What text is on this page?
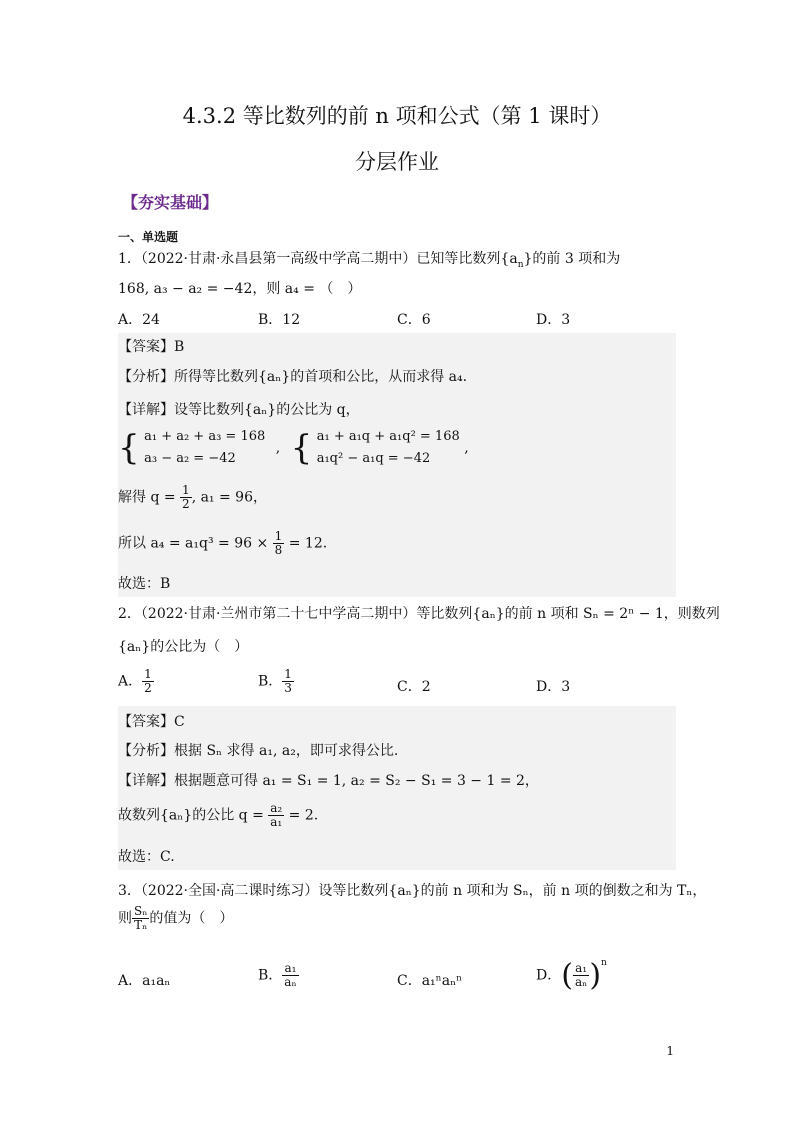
4.3.2 等比数列的前 n 项和公式（第 1 课时）
分层作业
【夯实基础】
一、单选题
1．（2022·甘肃·永昌县第一高级中学高二期中）已知等比数列$\{a_n\}$的前 3 项和为
168, a₃ − a₂ = −42，则 a₄ = （　）
A．24	B．12	C．6	D．3
【答案】B
【分析】所得等比数列{aₙ}的首项和公比，从而求得 a₄.
【详解】设等比数列{aₙ}的公比为 q，
{ a₁ + a₂ + a₃ = 168
a₃ − a₂ = −42
, { a₁ + a₁q + a₁q² = 168
a₁q² − a₁q = −42
,
解得 $q = \frac{1}{2}$ , a₁ = 96，
所以 $a_4 = a_1q^3 = 96 \times \frac{1}{8} = 12$.
故选：B
2．（2022·甘肃·兰州市第二十七中学高二期中）等比数列{aₙ}的前 n 项和 Sₙ = 2ⁿ − 1，则数列
{aₙ}的公比为（　）
A． $\frac{1}{2}$	B． $\frac{1}{3}$	C．2	D．3
【答案】C
【分析】根据 Sₙ 求得 a₁, a₂，即可求得公比.
【详解】根据题意可得 a₁ = S₁ = 1, a₂ = S₂ − S₁ = 3 − 1 = 2，
故数列{aₙ}的公比 $q = \frac{\text{a₂}}{\text{a₁}} = 2$.
故选：C.
3．（2022·全国·高二课时练习）设等比数列{aₙ}的前 n 项和为 Sₙ，前 n 项的倒数之和为 Tₙ，
则 $\frac{\text{Sₙ}}{\text{Tₙ}}$ 的值为（　）
A．a₁aₙ	B． $\frac{\text{a₁}}{\text{aₙ}}$	C．a₁ⁿaₙⁿ	D．( $\frac{\text{a₁}}{\text{aₙ}} )^n$
1
